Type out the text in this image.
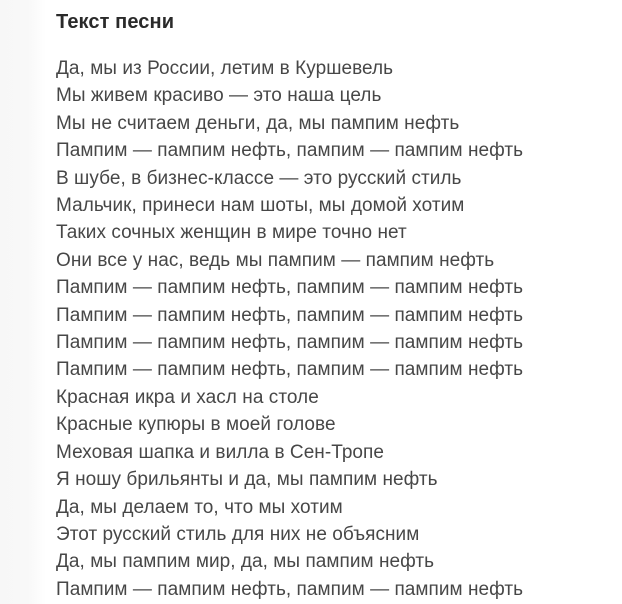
Текст песни
Да, мы из России, летим в Куршевель
Мы живем красиво — это наша цель
Мы не считаем деньги, да, мы пампим нефть
Пампим — пампим нефть, пампим — пампим нефть
В шубе, в бизнес-классе — это русский стиль
Мальчик, принеси нам шоты, мы домой хотим
Таких сочных женщин в мире точно нет
Они все у нас, ведь мы пампим — пампим нефть
Пампим — пампим нефть, пампим — пампим нефть
Пампим — пампим нефть, пампим — пампим нефть
Пампим — пампим нефть, пампим — пампим нефть
Пампим — пампим нефть, пампим — пампим нефть
Красная икра и хасл на столе
Красные купюры в моей голове
Меховая шапка и вилла в Сен-Тропе
Я ношу брильянты и да, мы пампим нефть
Да, мы делаем то, что мы хотим
Этот русский стиль для них не объясним
Да, мы пампим мир, да, мы пампим нефть
Пампим — пампим нефть, пампим — пампим нефть
